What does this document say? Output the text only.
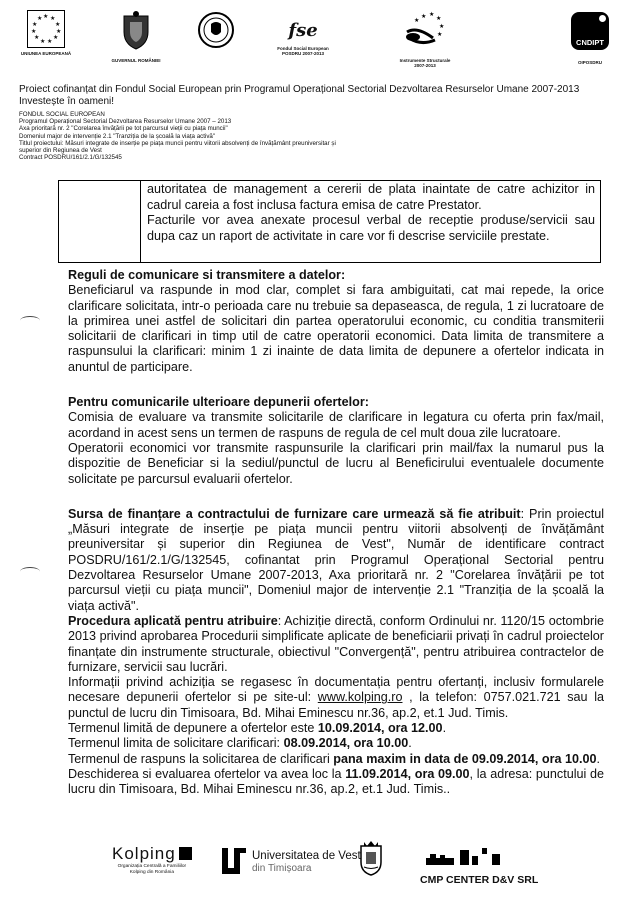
★ ★
★
★
★
★
★
★
★
★
★
UNIUNEA EUROPEANĂ
GUVERNUL ROMÂNIEI
fse
Fondul Social European
POSDRU 2007-2013
★ ★
★
★
★
★
Instrumente Structurale
2007-2013
CNDIPT
OIPOSDRU
Proiect cofinanțat din Fondul Social European prin Programul Operațional Sectorial Dezvoltarea Resurselor Umane 2007-2013
Investește în oameni!
FONDUL SOCIAL EUROPEAN
Programul Operațional Sectorial Dezvoltarea Resurselor Umane 2007 – 2013
Axa prioritară nr. 2 "Corelarea învățării pe tot parcursul vieții cu piața muncii"
Domeniul major de intervenție 2.1 "Tranziția de la școală la viața activă"
Titlul proiectului: Măsuri integrate de inserție pe piața muncii pentru viitorii absolvenți de învățământ preuniversitar și
superior din Regiunea de Vest
Contract POSDRU/161/2.1/G/132545

autoritatea de management a cererii de plata inaintate de catre achizitor in cadrul careia a fost inclusa factura emisa de catre Prestator.

Facturile vor avea anexate procesul verbal de receptie produse/servicii sau dupa caz un raport de activitate in care vor fi descrise serviciile prestate.

Reguli de comunicare si transmitere a datelor:

Beneficiarul va raspunde in mod clar, complet si fara ambiguitati, cat mai repede, la orice clarificare solicitata, intr-o perioada care nu trebuie sa depaseasca, de regula, 1 zi lucratoare de la primirea unei astfel de solicitari din partea operatorului economic, cu conditia transmiterii solicitarii de clarificari in timp util de catre operatorii economici. Data limita de transmitere a raspunsului la clarificari: minim 1 zi inainte de data limita de depunere a ofertelor indicata in anuntul de participare.

Pentru comunicarile ulterioare depunerii ofertelor:

Comisia de evaluare va transmite solicitarile de clarificare in legatura cu oferta prin fax/mail, acordand in acest sens un termen de raspuns de regula de cel mult doua zile lucratoare.

Operatorii economici vor transmite raspunsurile la clarificari prin mail/fax la numarul pus la dispozitie de Beneficiar si la sediul/punctul de lucru al Beneficirului eventualele documente solicitate pe parcursul evaluarii ofertelor.

Sursa de finanțare a contractului de furnizare care urmează să fie atribuit: Prin proiectul „Măsuri integrate de inserție pe piața muncii pentru viitorii absolvenți de învățământ preuniversitar și superior din Regiunea de Vest", Număr de identificare contract POSDRU/161/2.1/G/132545, cofinantat prin Programul Operațional Sectorial pentru Dezvoltarea Resurselor Umane 2007-2013, Axa prioritară nr. 2 "Corelarea învățării pe tot parcursul vieții cu piața muncii", Domeniul major de intervenție 2.1 "Tranziția de la școală la viața activă".

Procedura aplicată pentru atribuire: Achiziție directă, conform Ordinului nr. 1120/15 octombrie 2013 privind aprobarea Procedurii simplificate aplicate de beneficiarii privați în cadrul proiectelor finanțate din instrumente structurale, obiectivul "Convergență", pentru atribuirea contractelor de furnizare, servicii sau lucrări.

Informații privind achiziția se regasesc în documentația pentru ofertanți, inclusiv formularele necesare depunerii ofertelor si pe site-ul: www.kolping.ro , la telefon: 0757.021.721 sau la punctul de lucru din Timisoara, Bd. Mihai Eminescu nr.36, ap.2, et.1 Jud. Timis.

Termenul limită de depunere a ofertelor este 10.09.2014, ora 12.00.

Termenul limita de solicitare clarificari: 08.09.2014, ora 10.00.

Termenul de raspuns la solicitarea de clarificari pana maxim in data de 09.09.2014, ora 10.00.

Deschiderea si evaluarea ofertelor va avea loc la 11.09.2014, ora 09.00, la adresa: punctului de lucru din Timisoara, Bd. Mihai Eminescu nr.36, ap.2, et.1 Jud. Timis..

Kolping
Organizația Centrală a Familiilor
Kolping din România
Universitatea de Vest
din Timișoara
CMP CENTER D&V SRL
